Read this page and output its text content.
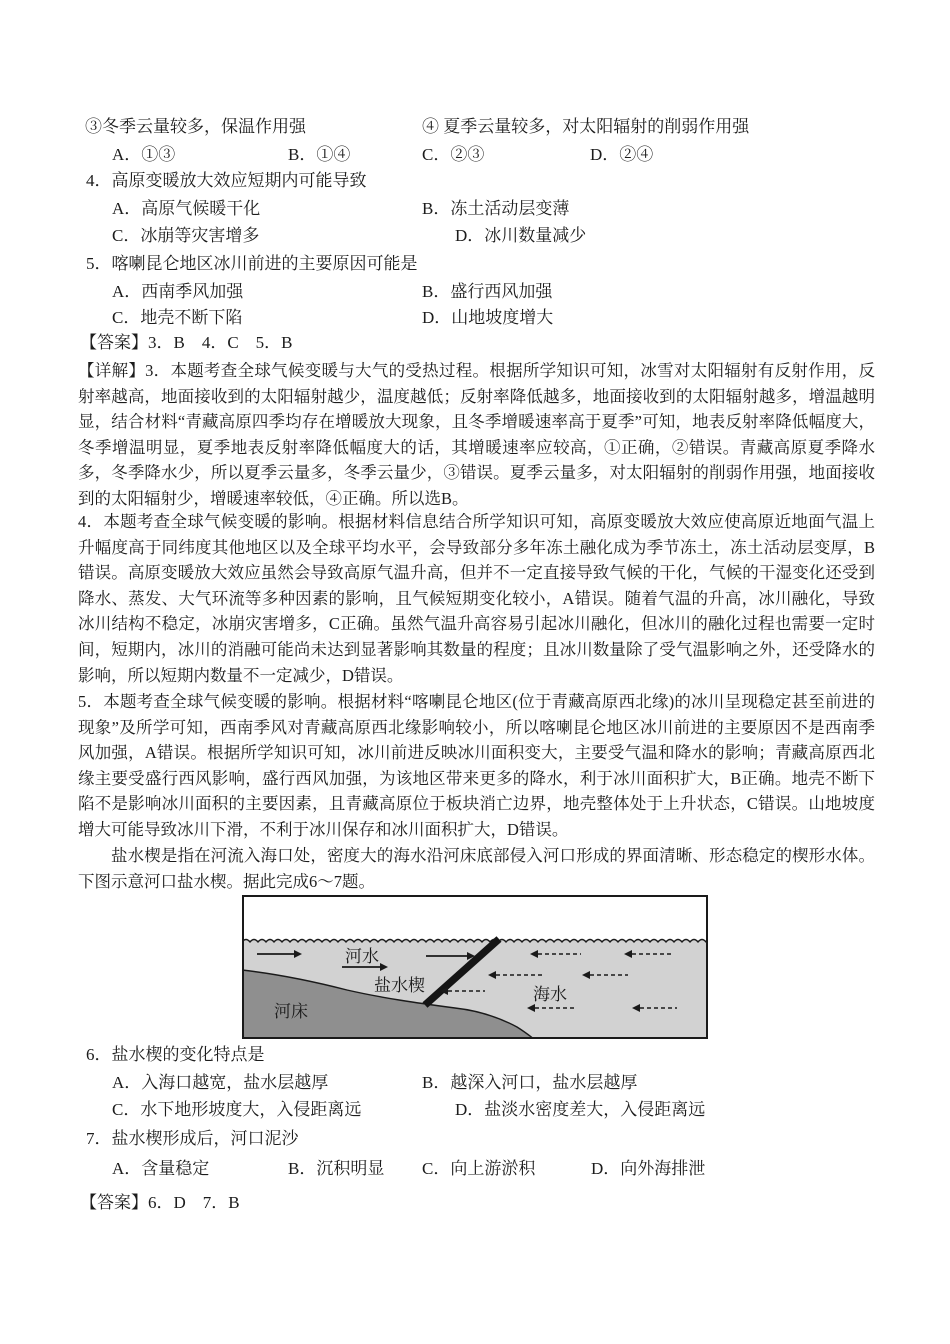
③冬季云量较多，保温作用强	④ 夏季云量较多，对太阳辐射的削弱作用强
A．①③	B．①④	C．②③	D．②④
4．高原变暖放大效应短期内可能导致
A．高原气候暖干化	B．冻土活动层变薄
C．冰崩等灾害增多	D．冰川数量减少
5．喀喇昆仑地区冰川前进的主要原因可能是
A．西南季风加强	B．盛行西风加强
C．地壳不断下陷	D．山地坡度增大
【答案】3．B　4．C　5．B

【详解】3．本题考查全球气候变暖与大气的受热过程。根据所学知识可知，冰雪对太阳辐射有反射作用，反射率越高，地面接收到的太阳辐射越少，温度越低；反射率降低越多，地面接收到的太阳辐射越多，增温越明显，结合材料“青藏高原四季均存在增暖放大现象，且冬季增暖速率高于夏季”可知，地表反射率降低幅度大，冬季增温明显，夏季地表反射率降低幅度大的话，其增暖速率应较高，①正确，②错误。青藏高原夏季降水多，冬季降水少，所以夏季云量多，冬季云量少，③错误。夏季云量多，对太阳辐射的削弱作用强，地面接收到的太阳辐射少，增暖速率较低，④正确。所以选B。

4．本题考查全球气候变暖的影响。根据材料信息结合所学知识可知，高原变暖放大效应使高原近地面气温上升幅度高于同纬度其他地区以及全球平均水平，会导致部分多年冻土融化成为季节冻土，冻土活动层变厚，B错误。高原变暖放大效应虽然会导致高原气温升高，但并不一定直接导致气候的干化，气候的干湿变化还受到降水、蒸发、大气环流等多种因素的影响，且气候短期变化较小，A错误。随着气温的升高，冰川融化，导致冰川结构不稳定，冰崩灾害增多，C正确。虽然气温升高容易引起冰川融化，但冰川的融化过程也需要一定时间，短期内，冰川的消融可能尚未达到显著影响其数量的程度；且冰川数量除了受气温影响之外，还受降水的影响，所以短期内数量不一定减少，D错误。

5．本题考查全球气候变暖的影响。根据材料“喀喇昆仑地区(位于青藏高原西北缘)的冰川呈现稳定甚至前进的现象”及所学可知，西南季风对青藏高原西北缘影响较小，所以喀喇昆仑地区冰川前进的主要原因不是西南季风加强，A错误。根据所学知识可知，冰川前进反映冰川面积变大，主要受气温和降水的影响；青藏高原西北缘主要受盛行西风影响，盛行西风加强，为该地区带来更多的降水，利于冰川面积扩大，B正确。地壳不断下陷不是影响冰川面积的主要因素，且青藏高原位于板块消亡边界，地壳整体处于上升状态，C错误。山地坡度增大可能导致冰川下滑，不利于冰川保存和冰川面积扩大，D错误。

盐水楔是指在河流入海口处，密度大的海水沿河床底部侵入河口形成的界面清晰、形态稳定的楔形水体。下图示意河口盐水楔。据此完成6～7题。

河水
盐水楔	海水
河床
6．盐水楔的变化特点是
A．入海口越宽，盐水层越厚	B．越深入河口，盐水层越厚
C．水下地形坡度大，入侵距离远	D．盐淡水密度差大，入侵距离远
7．盐水楔形成后，河口泥沙
A．含量稳定	B．沉积明显 C．向上游淤积	D．向外海排泄
【答案】6．D　7．B
